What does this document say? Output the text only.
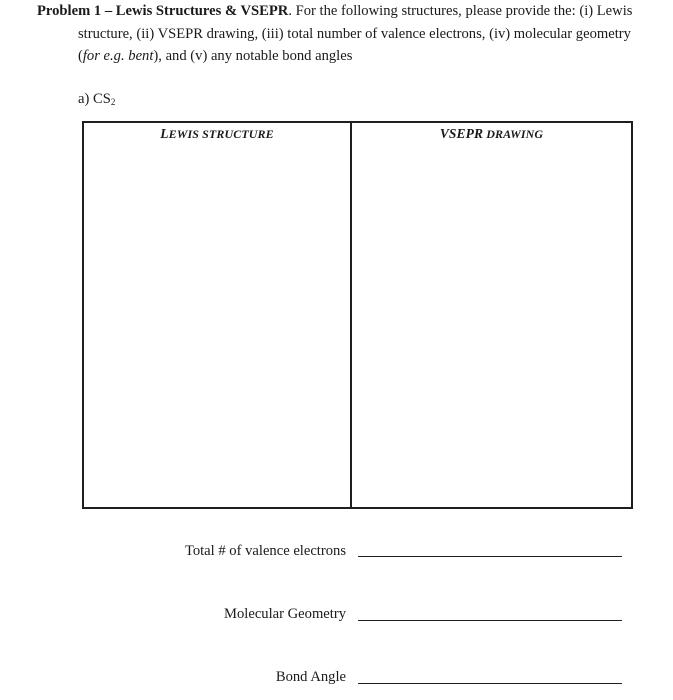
Problem 1 – Lewis Structures & VSEPR. For the following structures, please provide the: (i) Lewis
structure, (ii) VSEPR drawing, (iii) total number of valence electrons, (iv) molecular geometry
(for e.g. bent), and (v) any notable bond angles
a) $CS_2$
LEWIS STRUCTURE	VSEPR DRAWING
Total # of valence electrons
Molecular Geometry
Bond Angle
